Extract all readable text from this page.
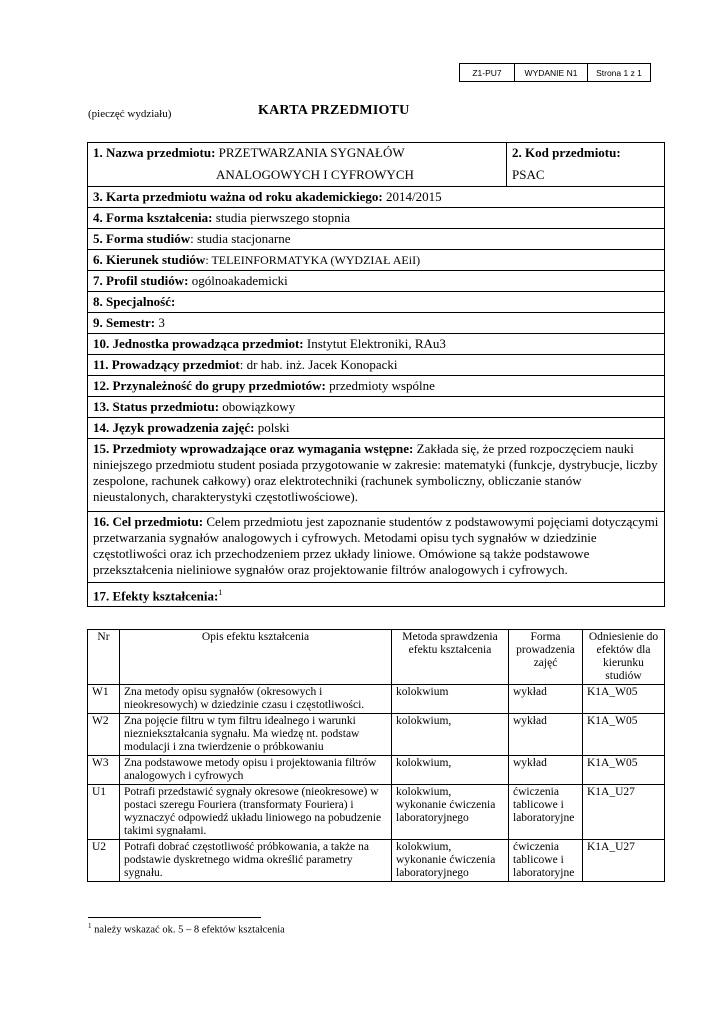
Z1-PU7	WYDANIE N1	Strona 1 z 1
(pieczęć wydziału)	KARTA PRZEDMIOTU
1. Nazwa przedmiotu: PRZETWARZANIA SYGNAŁÓW
ANALOGOWYCH I CYFROWYCH	2. Kod przedmiotu:
PSAC
3. Karta przedmiotu ważna od roku akademickiego: 2014/2015
4. Forma kształcenia: studia pierwszego stopnia
5. Forma studiów: studia stacjonarne
6. Kierunek studiów: TELEINFORMATYKA (WYDZIAŁ AEiI)
7. Profil studiów: ogólnoakademicki
8. Specjalność:
9. Semestr: 3
10. Jednostka prowadząca przedmiot: Instytut Elektroniki, RAu3
11. Prowadzący przedmiot: dr hab. inż. Jacek Konopacki
12. Przynależność do grupy przedmiotów: przedmioty wspólne
13. Status przedmiotu: obowiązkowy
14. Język prowadzenia zajęć: polski
15. Przedmioty wprowadzające oraz wymagania wstępne: Zakłada się, że przed rozpoczęciem nauki niniejszego przedmiotu student posiada przygotowanie w zakresie: matematyki (funkcje, dystrybucje, liczby zespolone, rachunek całkowy) oraz elektrotechniki (rachunek symboliczny, obliczanie stanów nieustalonych, charakterystyki częstotliwościowe).
16. Cel przedmiotu: Celem przedmiotu jest zapoznanie studentów z podstawowymi pojęciami dotyczącymi przetwarzania sygnałów analogowych i cyfrowych. Metodami opisu tych sygnałów w dziedzinie częstotliwości oraz ich przechodzeniem przez układy liniowe. Omówione są także podstawowe przekształcenia nieliniowe sygnałów oraz projektowanie filtrów analogowych i cyfrowych.
17. Efekty kształcenia:$^1$
Nr	Opis efektu kształcenia	Metoda sprawdzenia efektu kształcenia	Forma prowadzenia zajęć	Odniesienie do efektów dla kierunku studiów
W1	Zna metody opisu sygnałów (okresowych i nieokresowych) w dziedzinie czasu i częstotliwości.	kolokwium	wykład	K1A_W05
W2	Zna pojęcie filtru w tym filtru idealnego i warunki niezniekształcania sygnału. Ma wiedzę nt. podstaw modulacji i zna twierdzenie o próbkowaniu	kolokwium,	wykład	K1A_W05
W3	Zna podstawowe metody opisu i projektowania filtrów analogowych i cyfrowych	kolokwium,	wykład	K1A_W05
U1	Potrafi przedstawić sygnały okresowe (nieokresowe) w postaci szeregu Fouriera (transformaty Fouriera) i wyznaczyć odpowiedź układu liniowego na pobudzenie takimi sygnałami.	kolokwium, wykonanie ćwiczenia laboratoryjnego	ćwiczenia tablicowe i laboratoryjne	K1A_U27
U2	Potrafi dobrać częstotliwość próbkowania, a także na podstawie dyskretnego widma określić parametry sygnału.	kolokwium, wykonanie ćwiczenia laboratoryjnego	ćwiczenia tablicowe i laboratoryjne	K1A_U27
$^1$ należy wskazać ok. 5 – 8 efektów kształcenia
